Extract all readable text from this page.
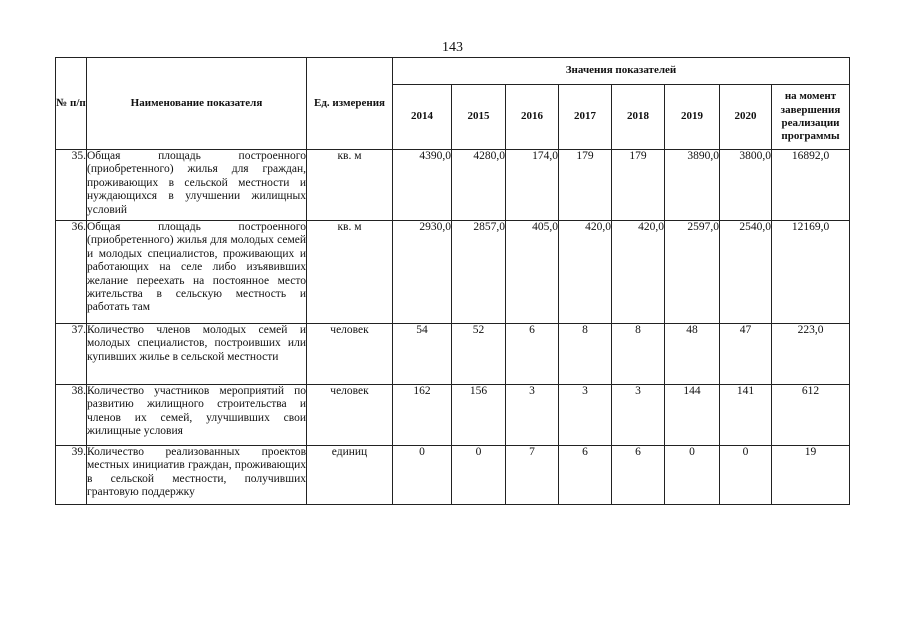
143
№ п/п	Наименование показателя	Ед. измерения	Значения показателей							
			2014	2015	2016	2017	2018	2019	2020	на момент завершения реализации программы
35.	Общая площадь построенного (приобретенного) жилья для граждан, проживающих в сельской местности и нуждающихся в улучшении жилищных условий	кв. м	4390,0	4280,0	174,0	179	179	3890,0	3800,0	16892,0
36.	Общая площадь построенного (приобретенного) жилья для молодых семей и молодых специалистов, проживающих и работающих на селе либо изъявивших желание переехать на постоянное место жительства в сельскую местность и работать там	кв. м	2930,0	2857,0	405,0	420,0	420,0	2597,0	2540,0	12169,0
37.	Количество членов молодых семей и молодых специалистов, построивших или купивших жилье в сельской местности	человек	54	52	6	8	8	48	47	223,0
38.	Количество участников мероприятий по развитию жилищного строительства и членов их семей, улучшивших свои жилищные условия	человек	162	156	3	3	3	144	141	612
39.	Количество реализованных проектов местных инициатив граждан, проживающих в сельской местности, получивших грантовую поддержку	единиц	0	0	7	6	6	0	0	19
